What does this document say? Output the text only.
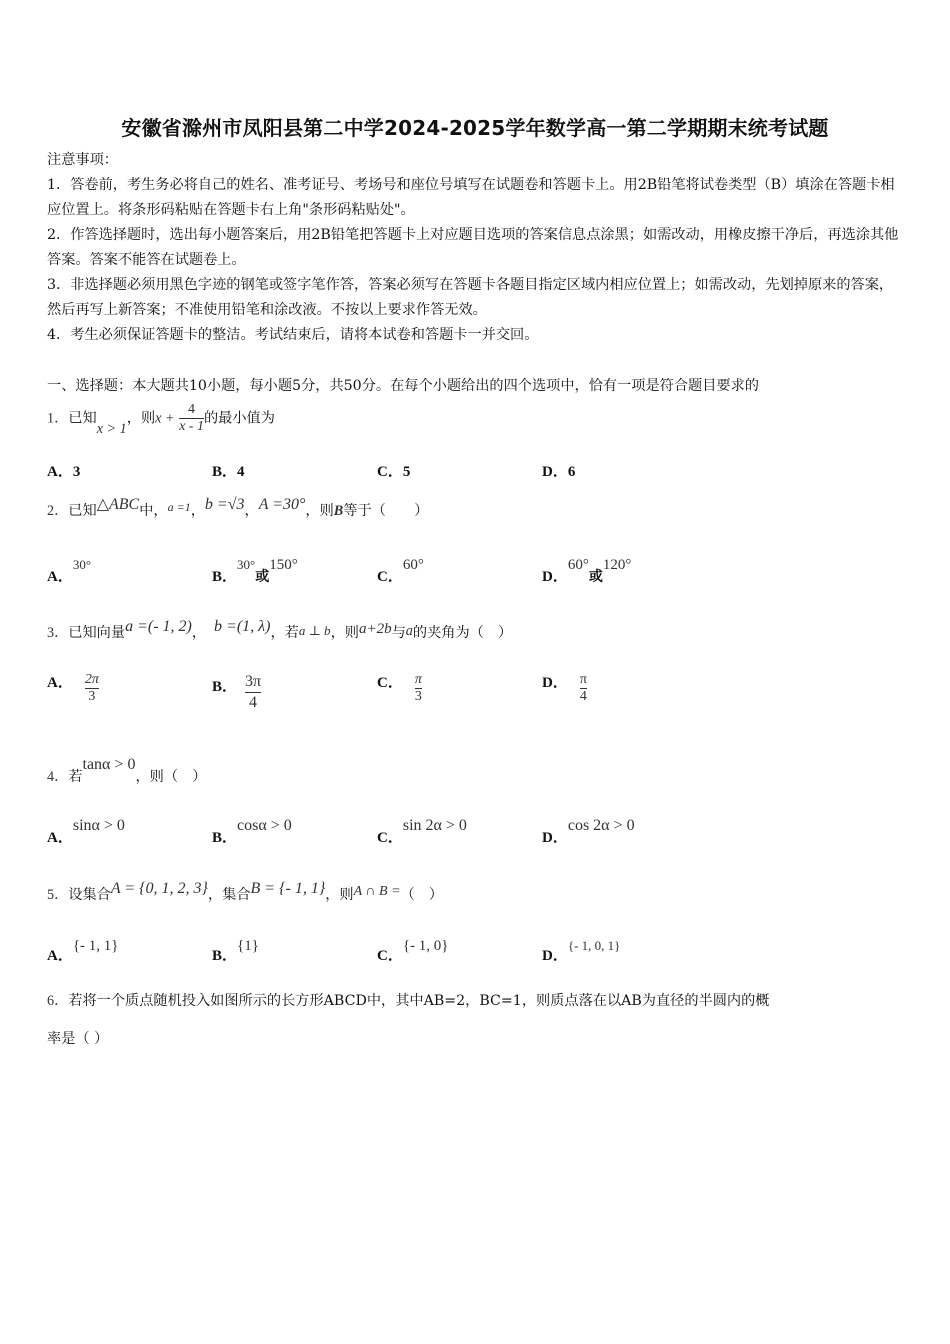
安徽省滁州市凤阳县第二中学2024-2025学年数学高一第二学期期末统考试题
注意事项：
1．答卷前，考生务必将自己的姓名、准考证号、考场号和座位号填写在试题卷和答题卡上。用2B铅笔将试卷类型（B）填涂在答题卡相应位置上。将条形码粘贴在答题卡右上角"条形码粘贴处"。
2．作答选择题时，选出每小题答案后，用2B铅笔把答题卡上对应题目选项的答案信息点涂黑；如需改动，用橡皮擦干净后，再选涂其他答案。答案不能答在试题卷上。
3．非选择题必须用黑色字迹的钢笔或签字笔作答，答案必须写在答题卡各题目指定区域内相应位置上；如需改动，先划掉原来的答案，然后再写上新答案；不准使用铅笔和涂改液。不按以上要求作答无效。
4．考生必须保证答题卡的整洁。考试结束后，请将本试卷和答题卡一并交回。
一、选择题：本大题共10小题，每小题5分，共50分。在每个小题给出的四个选项中，恰有一项是符合题目要求的
1．已知x > 1，则$x + \frac{4}{x - 1}$ 的最小值为
A．3	B．4	C．5	D．6
2．已知△ABC中，$^{a =1}$，b =√3，A =30°，则B等于（　　）
A．30°
B．30°或150°
C．60°
D．60°或120°
3．已知向量a =(- 1, 2)， b =(1, λ)，若a ⊥ b，则a+2b与a的夹角为（　）
A． $\frac{2\pi}{3}$	B． $\frac{3\pi}{4}$	C． $\frac{\pi}{3}$	D． $\frac{\pi}{4}$
4．若tanα > 0，则（　）
A．sinα > 0
B．cosα > 0
C．sin 2α > 0
D．cos 2α > 0
5．设集合A = {0, 1, 2, 3}，集合B = {- 1, 1}，则A ∩ B =（　）
A．{- 1, 1}
B．{1}
C．{- 1, 0}
D．{- 1, 0, 1}
6．若将一个质点随机投入如图所示的长方形ABCD中，其中AB=2，BC=1，则质点落在以AB为直径的半圆内的概
率是（ ）
